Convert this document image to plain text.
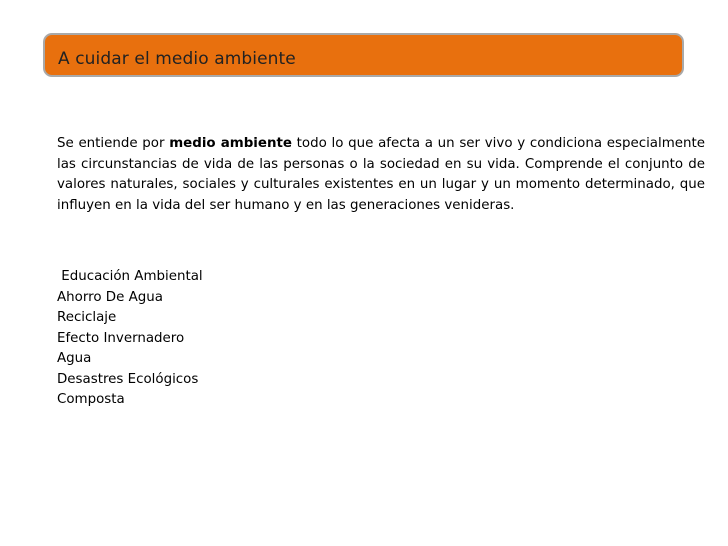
A cuidar el medio ambiente

Se entiende por medio ambiente todo lo que afecta a un ser vivo y condiciona especialmente las circunstancias de vida de las personas o la sociedad en su vida. Comprende el conjunto de valores naturales, sociales y culturales existentes en un lugar y un momento determinado, que influyen en la vida del ser humano y en las generaciones venideras.

Educación Ambiental
Ahorro De Agua
Reciclaje
Efecto Invernadero
Agua
Desastres Ecológicos
Composta
